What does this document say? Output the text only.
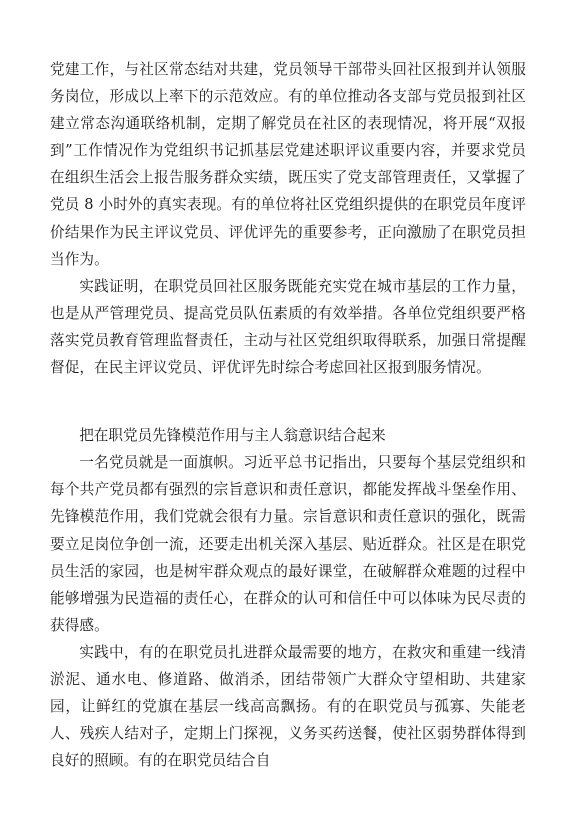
党建工作，与社区常态结对共建，党员领导干部带头回社区报到并认领服务岗位，形成以上率下的示范效应。有的单位推动各支部与党员报到社区建立常态沟通联络机制，定期了解党员在社区的表现情况，将开展“双报到”工作情况作为党组织书记抓基层党建述职评议重要内容，并要求党员在组织生活会上报告服务群众实绩，既压实了党支部管理责任，又掌握了党员 8 小时外的真实表现。有的单位将社区党组织提供的在职党员年度评价结果作为民主评议党员、评优评先的重要参考，正向激励了在职党员担当作为。

实践证明，在职党员回社区服务既能充实党在城市基层的工作力量，也是从严管理党员、提高党员队伍素质的有效举措。各单位党组织要严格落实党员教育管理监督责任，主动与社区党组织取得联系，加强日常提醒督促，在民主评议党员、评优评先时综合考虑回社区报到服务情况。

把在职党员先锋模范作用与主人翁意识结合起来

一名党员就是一面旗帜。习近平总书记指出，只要每个基层党组织和每个共产党员都有强烈的宗旨意识和责任意识，都能发挥战斗堡垒作用、先锋模范作用，我们党就会很有力量。宗旨意识和责任意识的强化，既需要立足岗位争创一流，还要走出机关深入基层、贴近群众。社区是在职党员生活的家园，也是树牢群众观点的最好课堂，在破解群众难题的过程中能够增强为民造福的责任心，在群众的认可和信任中可以体味为民尽责的获得感。

实践中，有的在职党员扎进群众最需要的地方，在救灾和重建一线清淤泥、通水电、修道路、做消杀，团结带领广大群众守望相助、共建家园，让鲜红的党旗在基层一线高高飘扬。有的在职党员与孤寡、失能老人、残疾人结对子，定期上门探视，义务买药送餐，使社区弱势群体得到良好的照顾。有的在职党员结合自
